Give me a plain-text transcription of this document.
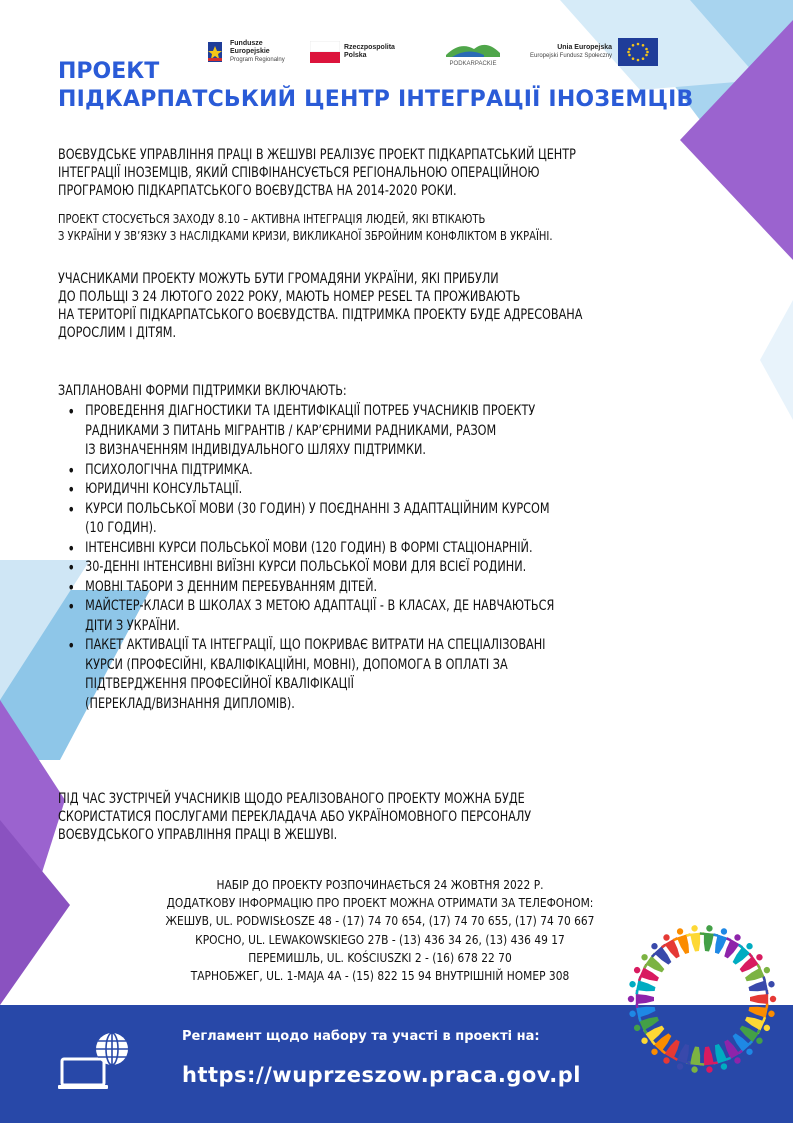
Fundusze
Europejskie
Program Regionalny
Rzeczpospolita
Polska
PODKARPACKIE
Unia Europejska
Europejski Fundusz Społeczny
ПРОЕКТ
ПІДКАРПАТСЬКИЙ ЦЕНТР ІНТЕГРАЦІЇ ІНОЗЕМЦІВ
ВОЄВУДСЬКЕ УПРАВЛІННЯ ПРАЦІ В ЖЕШУВІ РЕАЛІЗУЄ ПРОЕКТ ПІДКАРПАТСЬКИЙ ЦЕНТР
ІНТЕГРАЦІЇ ІНОЗЕМЦІВ, ЯКИЙ СПІВФІНАНСУЄТЬСЯ РЕГІОНАЛЬНОЮ ОПЕРАЦІЙНОЮ
ПРОГРАМОЮ ПІДКАРПАТСЬКОГО ВОЄВУДСТВА НА 2014-2020 РОКИ.
ПРОЕКТ СТОСУЄТЬСЯ ЗАХОДУ 8.10 – АКТИВНА ІНТЕГРАЦІЯ ЛЮДЕЙ, ЯКІ ВТІКАЮТЬ
З УКРАЇНИ У ЗВ’ЯЗКУ З НАСЛІДКАМИ КРИЗИ, ВИКЛИКАНОЇ ЗБРОЙНИМ КОНФЛІКТОМ В УКРАЇНІ.
УЧАСНИКАМИ ПРОЕКТУ МОЖУТЬ БУТИ ГРОМАДЯНИ УКРАЇНИ, ЯКІ ПРИБУЛИ
ДО ПОЛЬЩІ З 24 ЛЮТОГО 2022 РОКУ, МАЮТЬ НОМЕР PESEL ТА ПРОЖИВАЮТЬ
НА ТЕРИТОРІЇ ПІДКАРПАТСЬКОГО ВОЄВУДСТВА. ПІДТРИМКА ПРОЕКТУ БУДЕ АДРЕСОВАНА
ДОРОСЛИМ І ДІТЯМ.
ЗАПЛАНОВАНІ ФОРМИ ПІДТРИМКИ ВКЛЮЧАЮТЬ:
• ПРОВЕДЕННЯ ДІАГНОСТИКИ ТА ІДЕНТИФІКАЦІЇ ПОТРЕБ УЧАСНИКІВ ПРОЕКТУ
РАДНИКАМИ З ПИТАНЬ МІГРАНТІВ / КАР’ЄРНИМИ РАДНИКАМИ, РАЗОМ
ІЗ ВИЗНАЧЕННЯМ ІНДИВІДУАЛЬНОГО ШЛЯХУ ПІДТРИМКИ.
• ПСИХОЛОГІЧНА ПІДТРИМКА.
• ЮРИДИЧНІ КОНСУЛЬТАЦІЇ.
• КУРСИ ПОЛЬСЬКОЇ МОВИ (30 ГОДИН) У ПОЄДНАННІ З АДАПТАЦІЙНИМ КУРСОМ
(10 ГОДИН).
• ІНТЕНСИВНІ КУРСИ ПОЛЬСЬКОЇ МОВИ (120 ГОДИН) В ФОРМІ СТАЦІОНАРНІЙ.
• 30-ДЕННІ ІНТЕНСИВНІ ВИЇЗНІ КУРСИ ПОЛЬСЬКОЇ МОВИ ДЛЯ ВСІЄЇ РОДИНИ.
• МОВНІ ТАБОРИ З ДЕННИМ ПЕРЕБУВАННЯМ ДІТЕЙ.
• МАЙСТЕР-КЛАСИ В ШКОЛАХ З МЕТОЮ АДАПТАЦІЇ - В КЛАСАХ, ДЕ НАВЧАЮТЬСЯ
ДІТИ З УКРАЇНИ.
• ПАКЕТ АКТИВАЦІЇ ТА ІНТЕГРАЦІЇ, ЩО ПОКРИВАЄ ВИТРАТИ НА СПЕЦІАЛІЗОВАНІ
КУРСИ (ПРОФЕСІЙНІ, КВАЛІФІКАЦІЙНІ, МОВНІ), ДОПОМОГА В ОПЛАТІ ЗА
ПІДТВЕРДЖЕННЯ ПРОФЕСІЙНОЇ КВАЛІФІКАЦІЇ
(ПЕРЕКЛАД/ВИЗНАННЯ ДИПЛОМІВ).
ПІД ЧАС ЗУСТРІЧЕЙ УЧАСНИКІВ ЩОДО РЕАЛІЗОВАНОГО ПРОЕКТУ МОЖНА БУДЕ
СКОРИСТАТИСЯ ПОСЛУГАМИ ПЕРЕКЛАДАЧА АБО УКРАЇНОМОВНОГО ПЕРСОНАЛУ
ВОЄВУДСЬКОГО УПРАВЛІННЯ ПРАЦІ В ЖЕШУВІ.
НАБІР ДО ПРОЕКТУ РОЗПОЧИНАЄТЬСЯ 24 ЖОВТНЯ 2022 Р.
ДОДАТКОВУ ІНФОРМАЦІЮ ПРО ПРОЕКТ МОЖНА ОТРИМАТИ ЗА ТЕЛЕФОНОМ:
ЖЕШУВ, UL. PODWISŁOSZE 48 - (17) 74 70 654, (17) 74 70 655, (17) 74 70 667
КРОСНО, UL. LEWAKOWSKIEGO 27B - (13) 436 34 26, (13) 436 49 17
ПЕРЕМИШЛЬ, UL. KOŚCIUSZKI 2 - (16) 678 22 70
ТАРНОБЖЕГ, UL. 1-MAJA 4A - (15) 822 15 94 ВНУТРІШНІЙ НОМЕР 308
Регламент щодо набору та участі в проекті на:
https://wuprzeszow.praca.gov.pl
